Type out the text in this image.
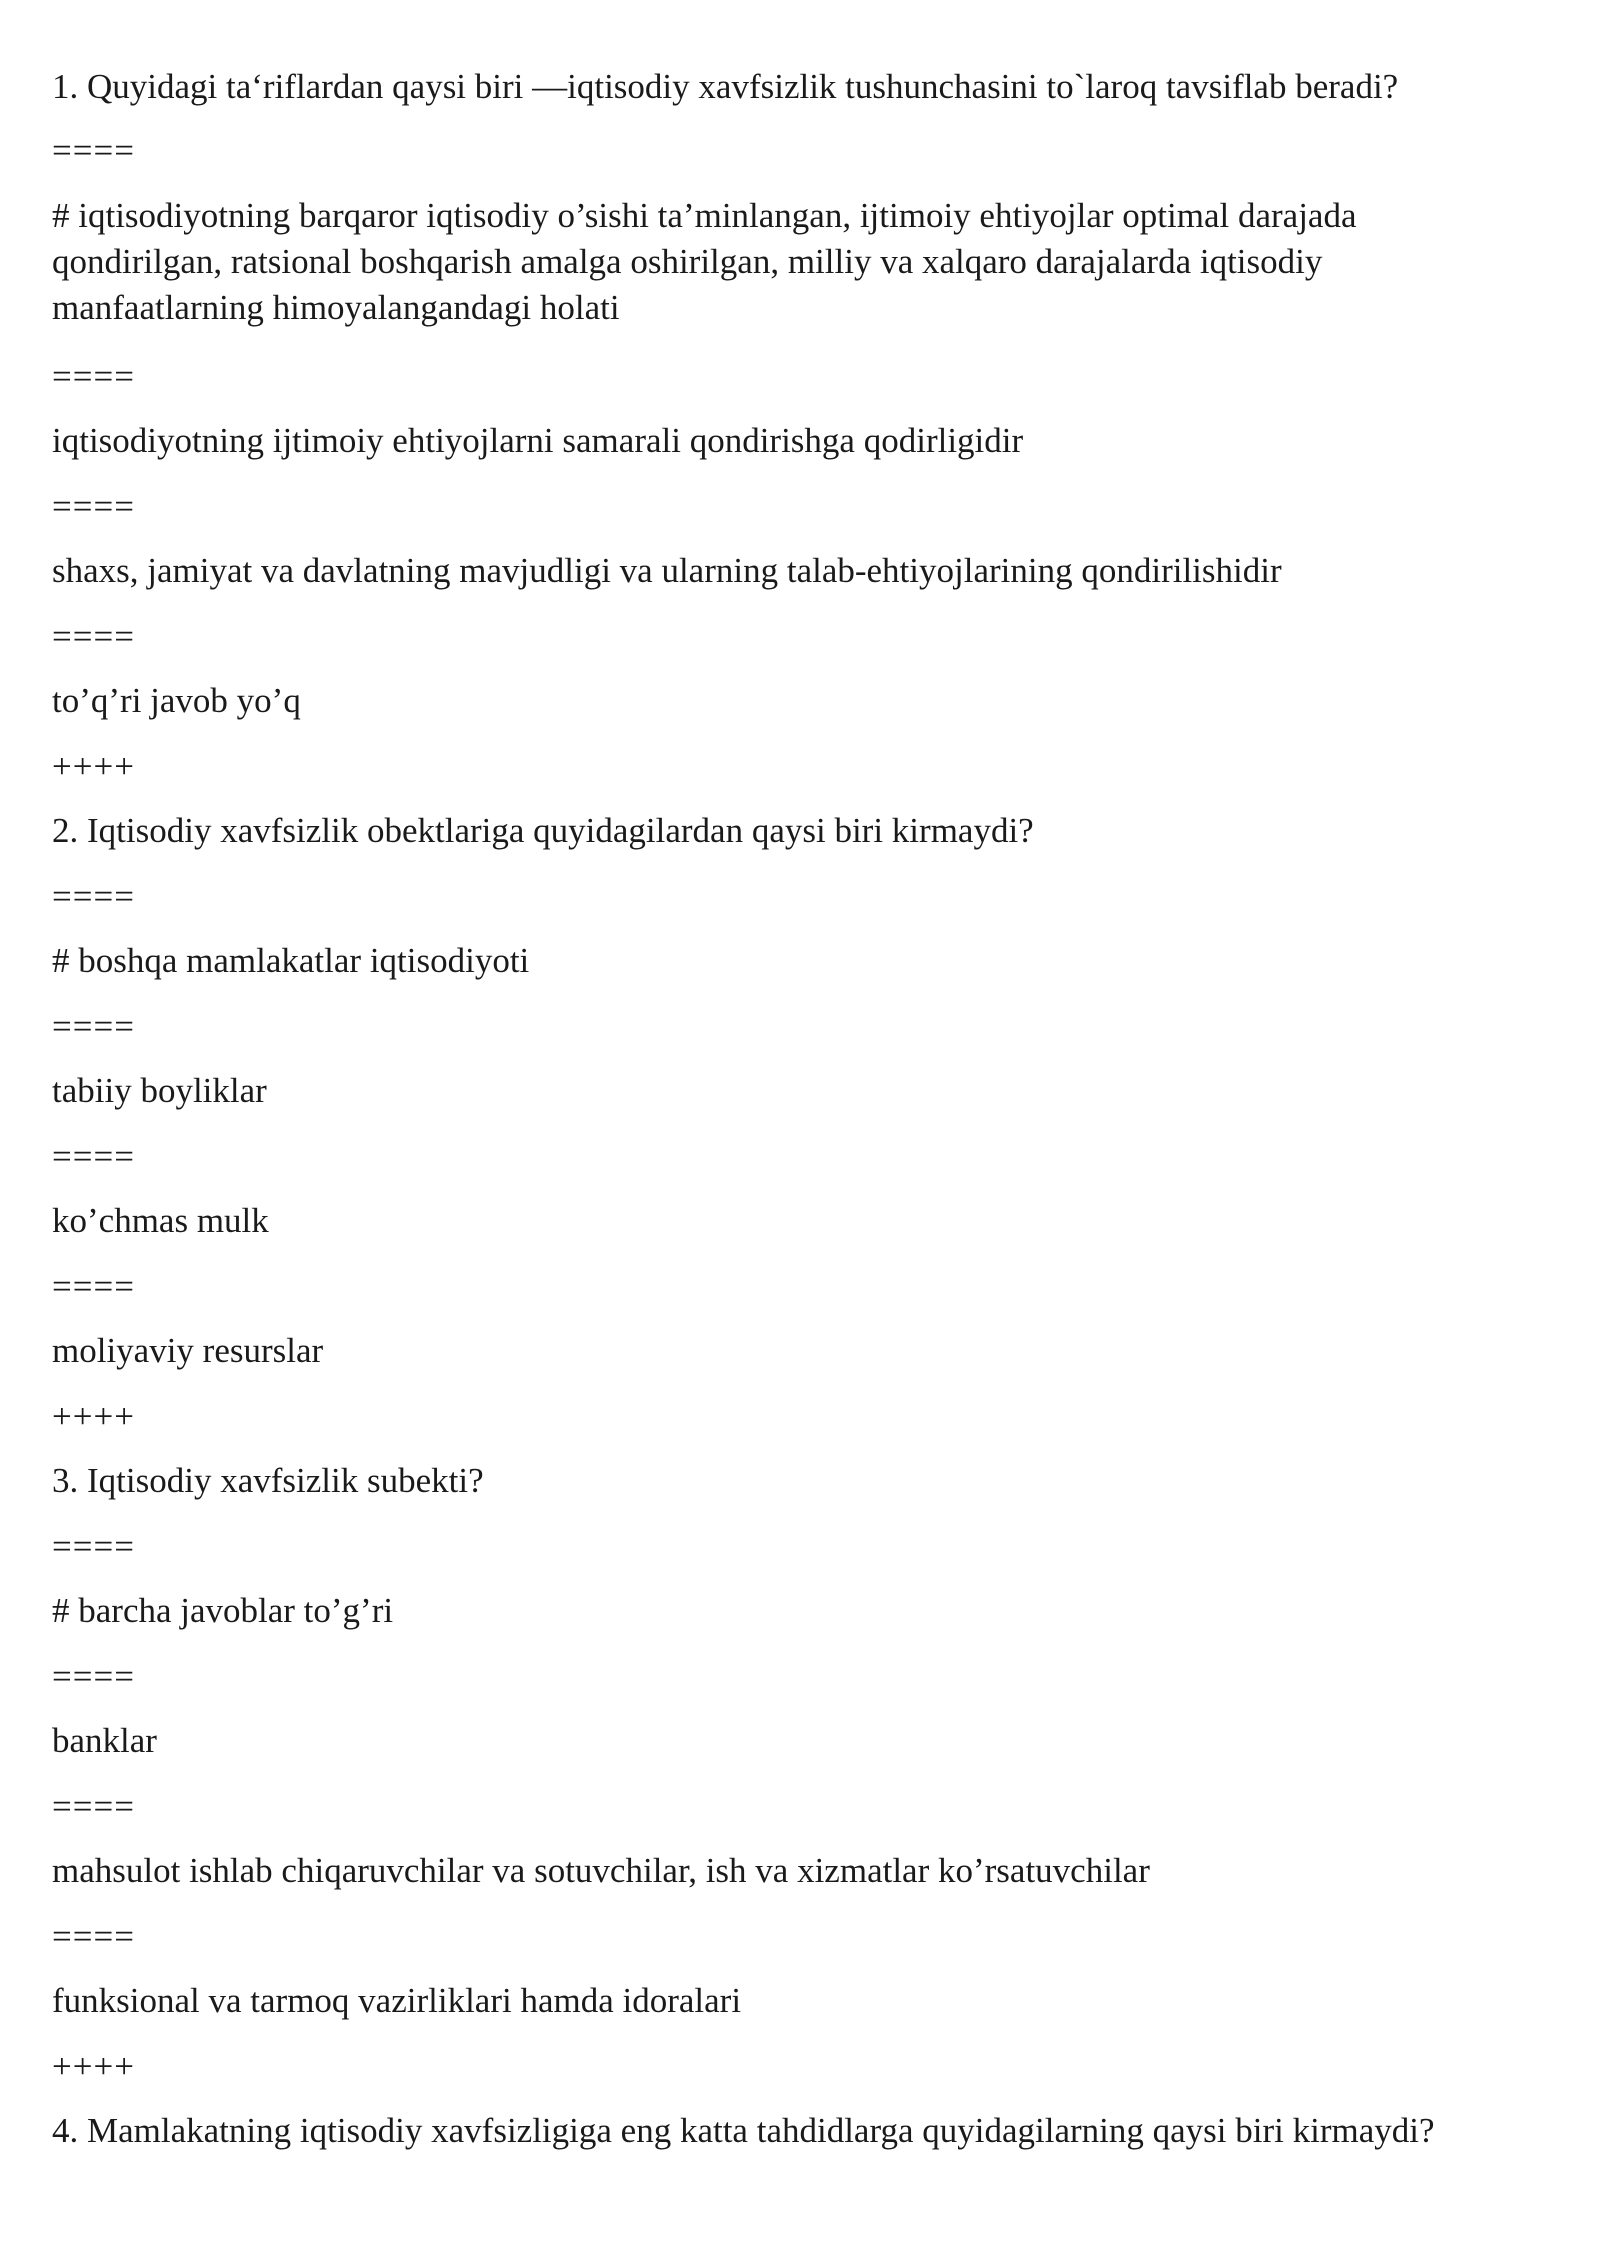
1. Quyidagi ta‘riflardan qaysi biri —iqtisodiy xavfsizlik tushunchasini to`laroq tavsiflab beradi?
====
# iqtisodiyotning barqaror iqtisodiy o’sishi ta’minlangan, ijtimoiy ehtiyojlar optimal darajada qondirilgan, ratsional boshqarish amalga oshirilgan, milliy va xalqaro darajalarda iqtisodiy manfaatlarning himoyalangandagi holati
====
iqtisodiyotning ijtimoiy ehtiyojlarni samarali qondirishga qodirligidir
====
shaxs, jamiyat va davlatning mavjudligi va ularning talab-ehtiyojlarining qondirilishidir
====
to’q’ri javob yo’q
++++
2. Iqtisodiy xavfsizlik obektlariga quyidagilardan qaysi biri kirmaydi?
====
# boshqa mamlakatlar iqtisodiyoti
====
tabiiy boyliklar
====
ko’chmas mulk
====
moliyaviy resurslar
++++
3. Iqtisodiy xavfsizlik subekti?
====
# barcha javoblar to’g’ri
====
banklar
====
mahsulot ishlab chiqaruvchilar va sotuvchilar, ish va xizmatlar ko’rsatuvchilar
====
funksional va tarmoq vazirliklari hamda idoralari
++++
4. Mamlakatning iqtisodiy xavfsizligiga eng katta tahdidlarga quyidagilarning qaysi biri kirmaydi?
